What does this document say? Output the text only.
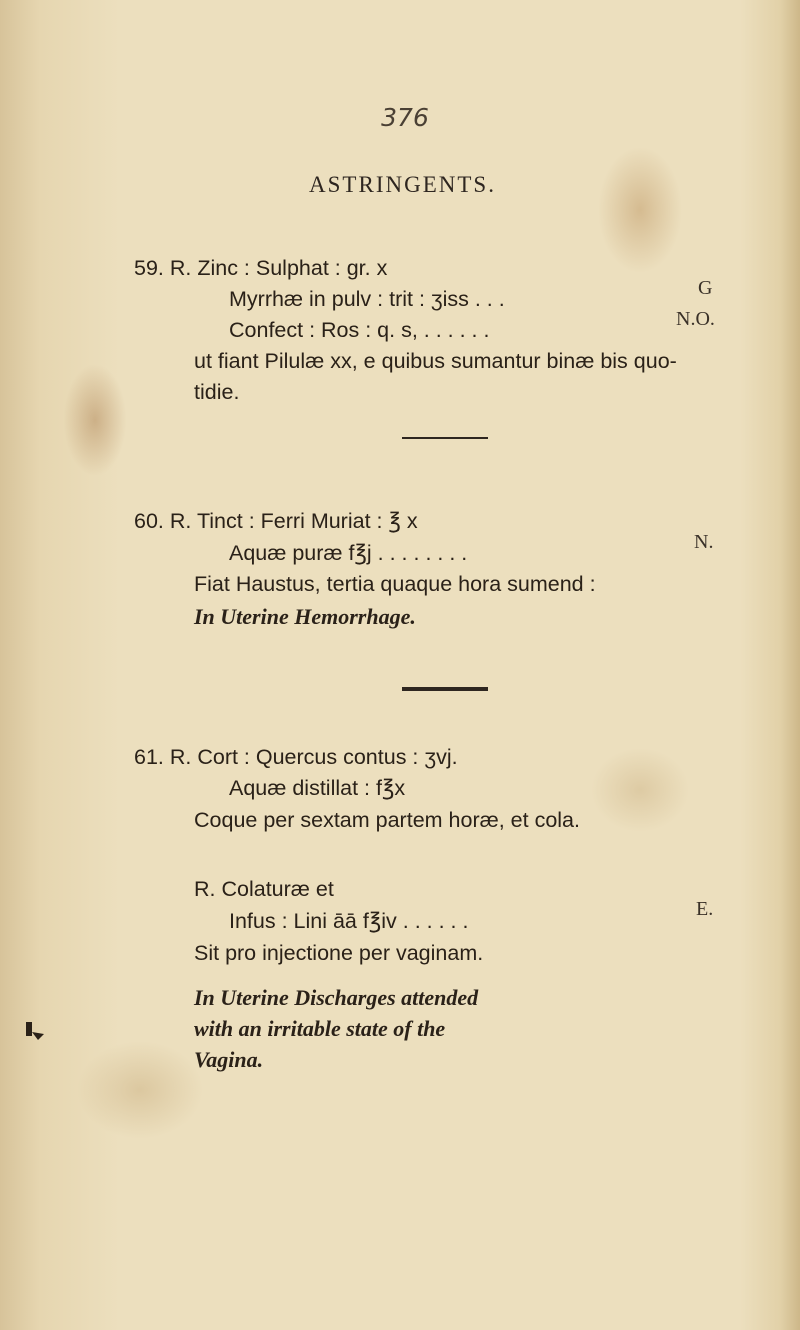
376
ASTRINGENTS.
59. R. Zinc : Sulphat : gr. x
Myrrhæ in pulv : trit : ʒiss . . .	G
Confect : Ros : q. s, . . . . . .	N.O.
ut fiant Pilulæ xx, e quibus sumantur binæ bis quo-
tidie.
60. R. Tinct : Ferri Muriat : ℥ x
Aquæ puræ f℥j . . . . . . . .	N.
Fiat Haustus, tertia quaque hora sumend :
In Uterine Hemorrhage.
61. R. Cort : Quercus contus : ʒvj.
Aquæ distillat : f℥x
Coque per sextam partem horæ, et cola.
R. Colaturæ et
Infus : Lini āā f℥iv . . . . . .	E.
Sit pro injectione per vaginam.
In Uterine Discharges attended
with an irritable state of the
Vagina.
